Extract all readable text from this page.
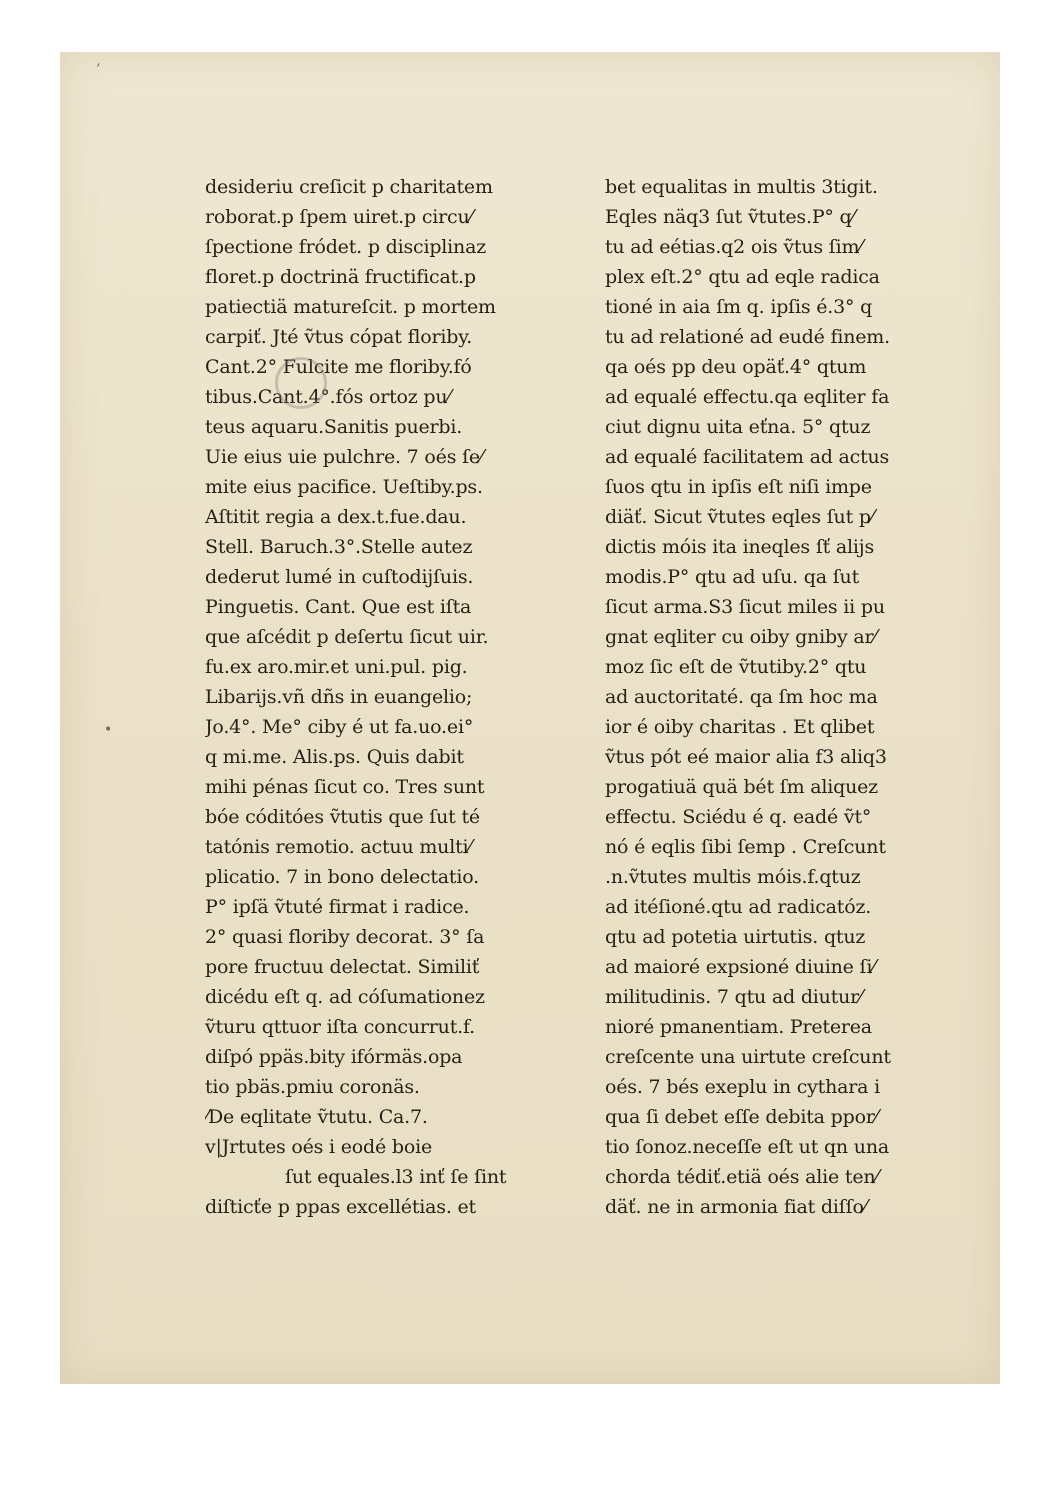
’
•
desideriu creſicit p charitatem
roborat.p ſpem uiret.p circu⁄
ſpectione fródet. p disciplinaz
floret.p doctrinä fructificat.p
patiectiä matureſcit. p mortem
carpiť. Jté ṽtus cópat floriby.
Cant.2° Fulcite me floriby.fó
tibus.Cant.4°.fós ortoz pu⁄
teus aquaru.Sanitis puerbi.
Uie eius uie pulchre. 7 oés ſe⁄
mite eius pacifice. Ueſtiby.ps.
Aſtitit regia a dex.t.fue.dau.
Stell. Baruch.3°.Stelle autez
dederut lumé in cuſtodijſuis.
Pinguetis. Cant. Que est iſta
que aſcédit p deſertu ſicut uir.
fu.ex aro.mir.et uni.pul. pig.
Libarijs.vñ dñs in euangelio;
Jo.4°. Me° ciby é ut fa.uo.ei°
q mi.me. Alis.ps. Quis dabit
mihi pénas ſicut co. Tres sunt
bóe códitóes ṽtutis que ſut té
tatónis remotio. actuu multi⁄
plicatio. 7 in bono delectatio.
P° ipſä ṽtuté firmat i radice.
2° quasi floriby decorat. 3° ſa
pore fructuu delectat. Similiť
dicédu eſt q. ad cóſumationez
ṽturu qttuor iſta concurrut.f.
diſpó ppäs.bity ifórmäs.opa
tio pbäs.pmiu coronäs.
⁄De eqlitate ṽtutu. Ca.7.
v|Jrtutes oés i eodé boie
ſut equales.l3 inť ſe ſint
diſticťe p ppas excellétias. et
bet equalitas in multis 3tigit.
Eqles näq3 ſut ṽtutes.P° q⁄
tu ad eétias.q2 ois ṽtus ſim⁄
plex eſt.2° qtu ad eqle radica
tioné in aia ſm q. ipſis é.3° q
tu ad relationé ad eudé finem.
qa oés pp deu opäť.4° qtum
ad equalé effectu.qa eqliter fa
ciut dignu uita eťna. 5° qtuz
ad equalé facilitatem ad actus
ſuos qtu in ipſis eſt niſi impe
diäť. Sicut ṽtutes eqles ſut p⁄
dictis móis ita ineqles ſť alijs
modis.P° qtu ad uſu. qa ſut
ſicut arma.S3 ſicut miles ii pu
gnat eqliter cu oiby gniby ar⁄
moz ſic eſt de ṽtutiby.2° qtu
ad auctoritaté. qa ſm hoc ma
ior é oiby charitas . Et qlibet
ṽtus pót eé maior alia f3 aliq3
progatiuä quä bét ſm aliquez
effectu. Sciédu é q. eadé ṽt°
nó é eqlis ſibi ſemp . Creſcunt
.n.ṽtutes multis móis.f.qtuz
ad itéſioné.qtu ad radicatóz.
qtu ad potetia uirtutis. qtuz
ad maioré expsioné diuine ſi⁄
militudinis. 7 qtu ad diutur⁄
nioré pmanentiam. Preterea
creſcente una uirtute creſcunt
oés. 7 bés exeplu in cythara i
qua ſi debet eſſe debita ppor⁄
tio ſonoz.neceſſe eſt ut qn una
chorda tédiť.etiä oés alie ten⁄
däť. ne in armonia fiat diſſo⁄
